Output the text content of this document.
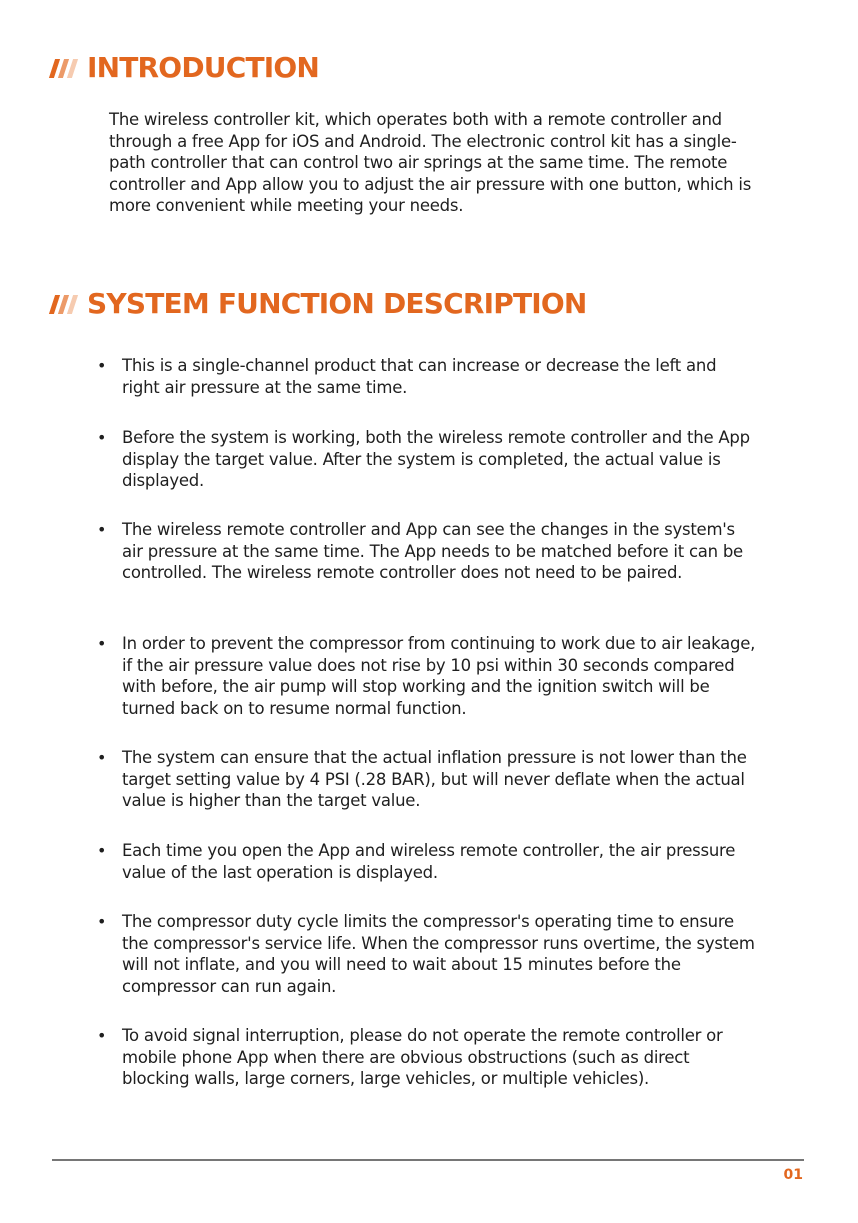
INTRODUCTION

The wireless controller kit, which operates both with a remote controller and through a free App for iOS and Android. The electronic control kit has a single-path controller that can control two air springs at the same time. The remote controller and App allow you to adjust the air pressure with one button, which is more convenient while meeting your needs.

SYSTEM FUNCTION DESCRIPTION
• This is a single-channel product that can increase or decrease the left and right air pressure at the same time.
• Before the system is working, both the wireless remote controller and the App display the target value. After the system is completed, the actual value is displayed.
• The wireless remote controller and App can see the changes in the system's air pressure at the same time. The App needs to be matched before it can be controlled. The wireless remote controller does not need to be paired.
• In order to prevent the compressor from continuing to work due to air leakage, if the air pressure value does not rise by 10 psi within 30 seconds compared with before, the air pump will stop working and the ignition switch will be turned back on to resume normal function.
• The system can ensure that the actual inflation pressure is not lower than the target setting value by 4 PSI (.28 BAR), but will never deflate when the actual value is higher than the target value.
• Each time you open the App and wireless remote controller, the air pressure value of the last operation is displayed.
• The compressor duty cycle limits the compressor's operating time to ensure the compressor's service life. When the compressor runs overtime, the system will not inflate, and you will need to wait about 15 minutes before the compressor can run again.
• To avoid signal interruption, please do not operate the remote controller or mobile phone App when there are obvious obstructions (such as direct blocking walls, large corners, large vehicles, or multiple vehicles).
01
